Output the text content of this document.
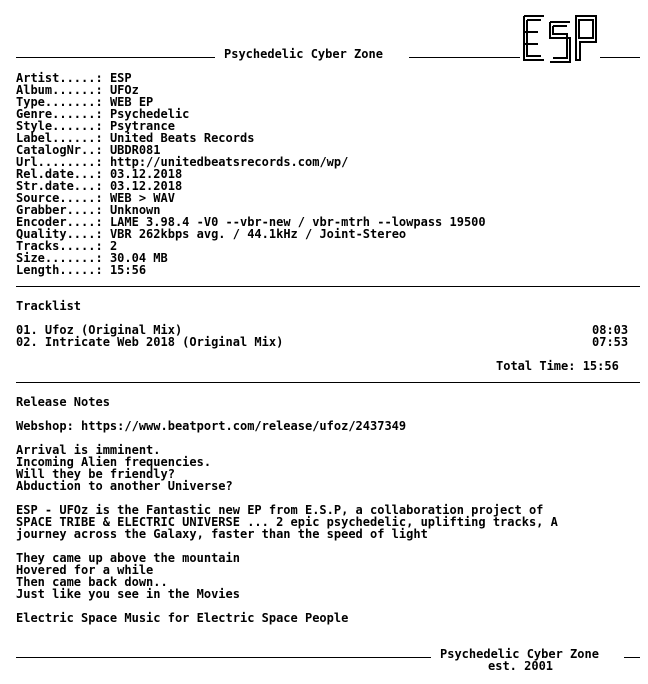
Psychedelic Cyber Zone
Artist.....: ESP
Album......: UFOz
Type.......: WEB EP
Genre......: Psychedelic
Style......: Psytrance
Label......: United Beats Records
CatalogNr..: UBDR081
Url........: http://unitedbeatsrecords.com/wp/
Rel.date...: 03.12.2018
Str.date...: 03.12.2018
Source.....: WEB > WAV
Grabber....: Unknown
Encoder....: LAME 3.98.4 -V0 --vbr-new / vbr-mtrh --lowpass 19500
Quality....: VBR 262kbps avg. / 44.1kHz / Joint-Stereo
Tracks.....: 2
Size.......: 30.04 MB
Length.....: 15:56
Tracklist
01. Ufoz (Original Mix)	08:03
02. Intricate Web 2018 (Original Mix)	07:53
Total Time: 15:56
Release Notes
Webshop: https://www.beatport.com/release/ufoz/2437349
Arrival is imminent.
Incoming Alien frequencies.
Will they be friendly?
Abduction to another Universe?
ESP - UFOz is the Fantastic new EP from E.S.P, a collaboration project of
SPACE TRIBE & ELECTRIC UNIVERSE ... 2 epic psychedelic, uplifting tracks, A
journey across the Galaxy, faster than the speed of light
They came up above the mountain
Hovered for a while
Then came back down..
Just like you see in the Movies
Electric Space Music for Electric Space People
Psychedelic Cyber Zone
est. 2001
